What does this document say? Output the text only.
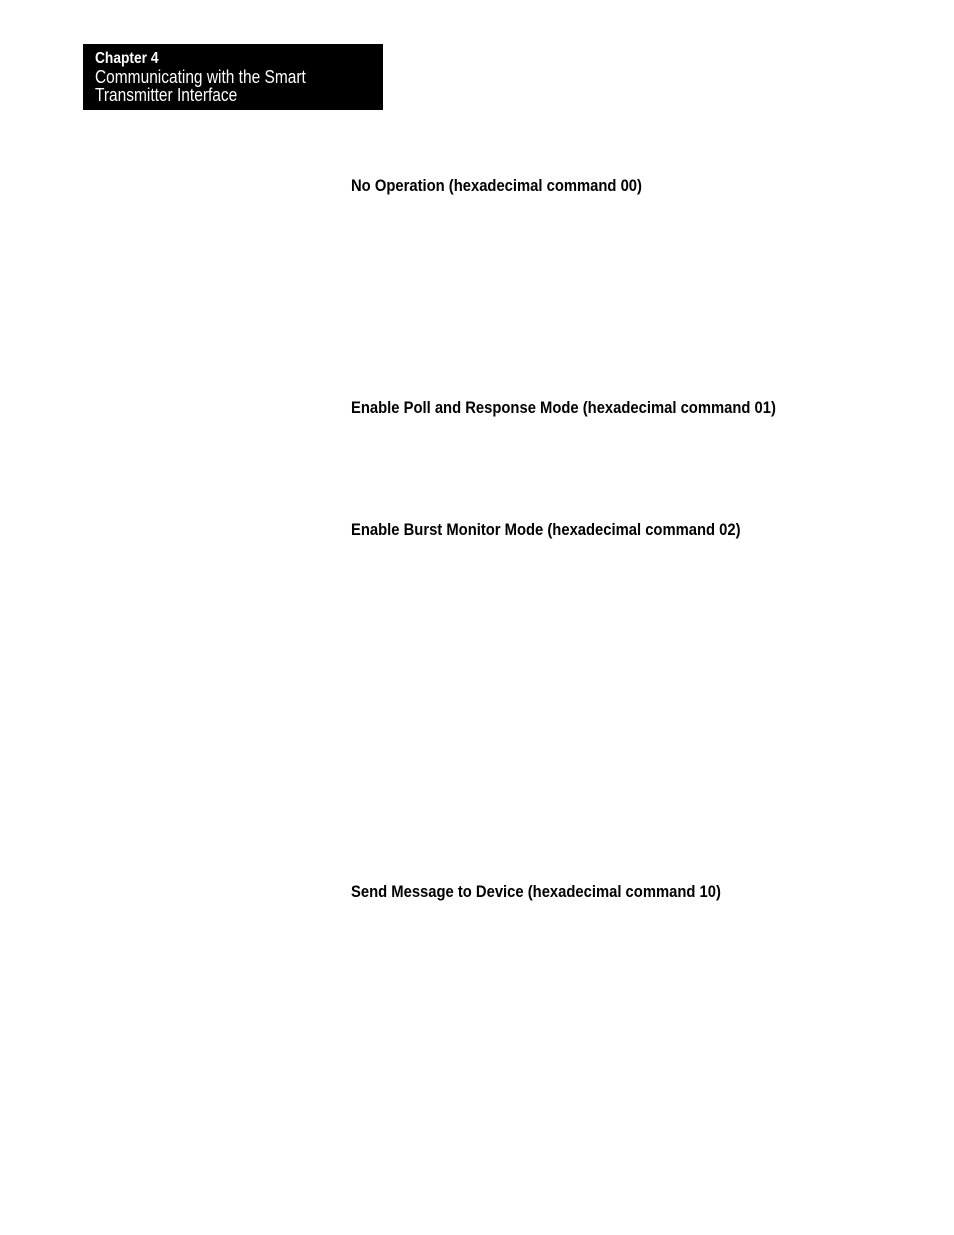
Chapter 4
Communicating with the Smart
Transmitter Interface
No Operation (hexadecimal command 00)
Enable Poll and Response Mode (hexadecimal command 01)
Enable Burst Monitor Mode (hexadecimal command 02)
Send Message to Device (hexadecimal command 10)
